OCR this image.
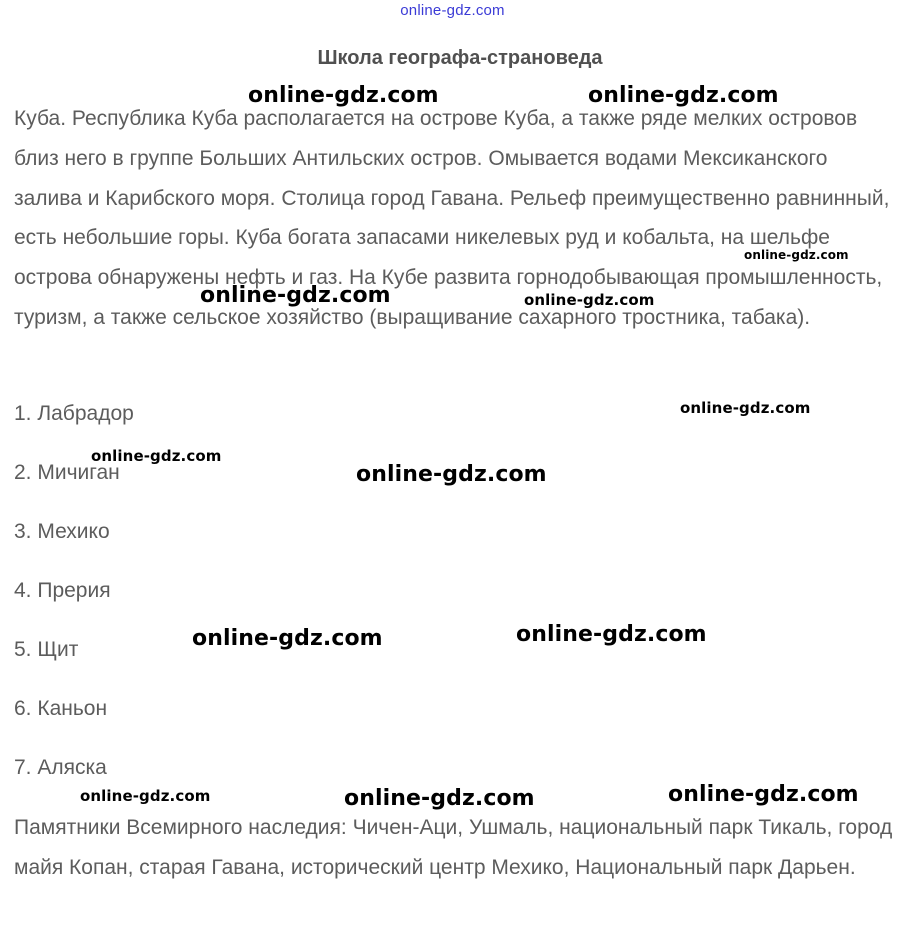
online-gdz.com
Школа географа-страноведа

Куба. Республика Куба располагается на острове Куба, а также ряде мелких островов близ него в группе Больших Антильских остров. Омывается водами Мексиканского залива и Карибского моря. Столица город Гавана. Рельеф преимущественно равнинный, есть небольшие горы. Куба богата запасами никелевых руд и кобальта, на шельфе острова обнаружены нефть и газ. На Кубе развита горнодобывающая промышленность, туризм, а также сельское хозяйство (выращивание сахарного тростника, табака).

1. Лабрадор
2. Мичиган
3. Мехико
4. Прерия
5. Щит
6. Каньон
7. Аляска

Памятники Всемирного наследия: Чичен-Аци, Ушмаль, национальный парк Тикаль, город майя Копан, старая Гавана, исторический центр Мехико, Национальный парк Дарьен.

online-gdz.com	online-gdz.com
online-gdz.com
online-gdz.com	online-gdz.com
online-gdz.com
online-gdz.com
online-gdz.com
online-gdz.com	online-gdz.com
online-gdz.com	online-gdz.com	online-gdz.com
